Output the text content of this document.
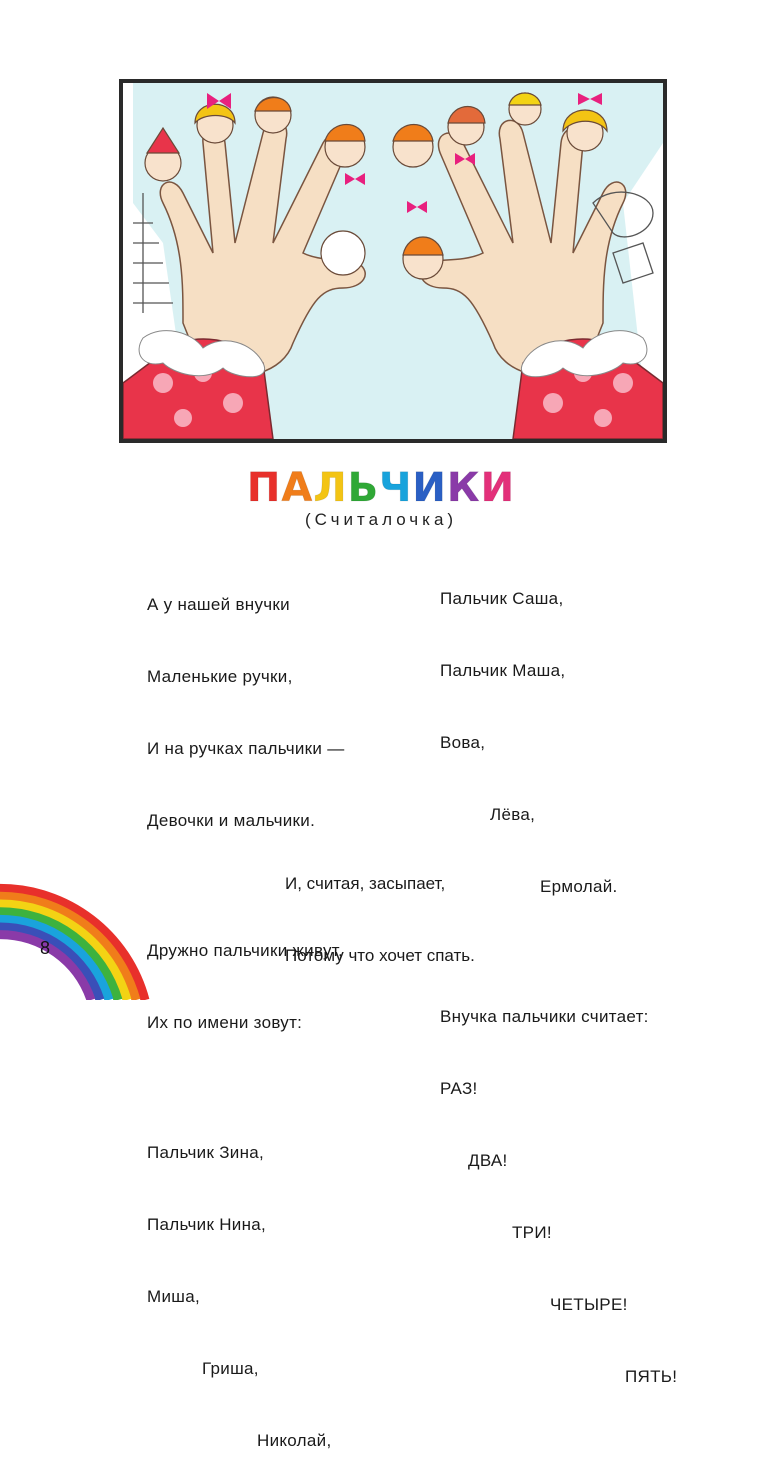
ПАЛЬЧИКИ
(Считалочка)

А у нашей внучки

Маленькие ручки,

И на ручках пальчики —

Девочки и мальчики.

Дружно пальчики живут,

Их по имени зовут:

Пальчик Зина,

Пальчик Нина,

Миша,

Гриша,

Николай,

Пальчик Саша,

Пальчик Маша,

Вова,

Лёва,

Ермолай.

Внучка пальчики считает:

РАЗ!

ДВА!

ТРИ!

ЧЕТЫРЕ!

ПЯТЬ!

И, считая, засыпает,

Потому что хочет спать.

8
